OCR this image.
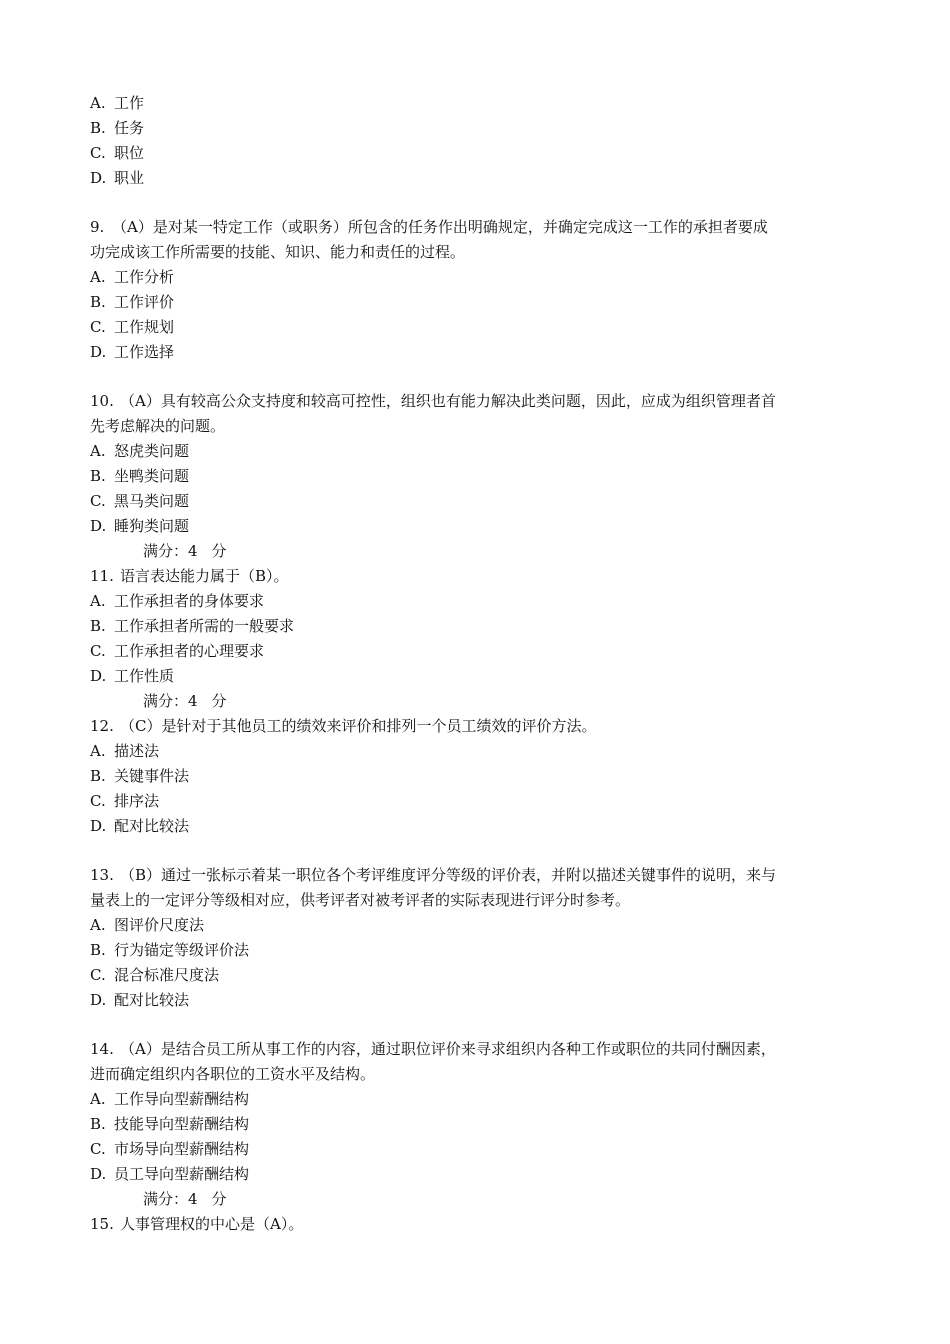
A. 工作
B. 任务
C. 职位
D. 职业
9. （A）是对某一特定工作（或职务）所包含的任务作出明确规定，并确定完成这一工作的承担者要成
功完成该工作所需要的技能、知识、能力和责任的过程。
A. 工作分析
B. 工作评价
C. 工作规划
D. 工作选择
10. （A）具有较高公众支持度和较高可控性，组织也有能力解决此类问题，因此，应成为组织管理者首
先考虑解决的问题。
A. 怒虎类问题
B. 坐鸭类问题
C. 黑马类问题
D. 睡狗类问题
满分：4 分
11. 语言表达能力属于（B）。
A. 工作承担者的身体要求
B. 工作承担者所需的一般要求
C. 工作承担者的心理要求
D. 工作性质
满分：4 分
12. （C）是针对于其他员工的绩效来评价和排列一个员工绩效的评价方法。
A. 描述法
B. 关键事件法
C. 排序法
D. 配对比较法
13. （B）通过一张标示着某一职位各个考评维度评分等级的评价表，并附以描述关键事件的说明，来与
量表上的一定评分等级相对应，供考评者对被考评者的实际表现进行评分时参考。
A. 图评价尺度法
B. 行为锚定等级评价法
C. 混合标准尺度法
D. 配对比较法
14. （A）是结合员工所从事工作的内容，通过职位评价来寻求组织内各种工作或职位的共同付酬因素，
进而确定组织内各职位的工资水平及结构。
A. 工作导向型薪酬结构
B. 技能导向型薪酬结构
C. 市场导向型薪酬结构
D. 员工导向型薪酬结构
满分：4 分
15. 人事管理权的中心是（A）。
